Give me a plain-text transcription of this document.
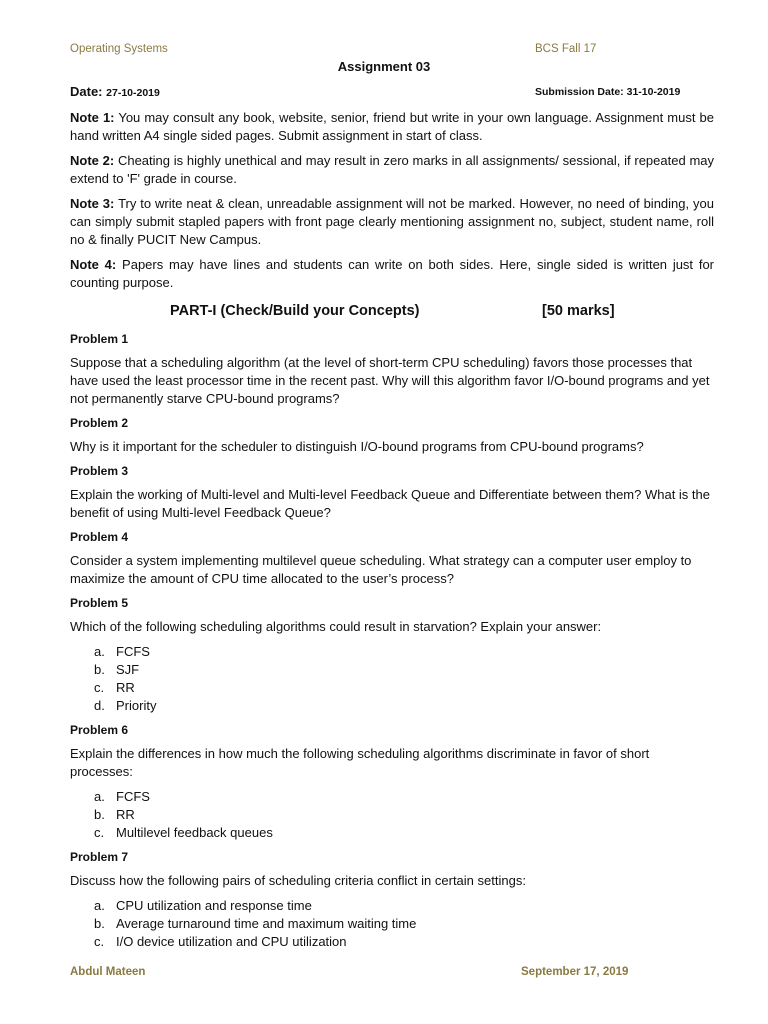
Operating Systems	BCS Fall 17
Assignment 03
Date: 27-10-2019	Submission Date: 31-10-2019

Note 1: You may consult any book, website, senior, friend but write in your own language. Assignment must be hand written A4 single sided pages. Submit assignment in start of class.

Note 2: Cheating is highly unethical and may result in zero marks in all assignments/ sessional, if repeated may extend to 'F' grade in course.

Note 3: Try to write neat & clean, unreadable assignment will not be marked. However, no need of binding, you can simply submit stapled papers with front page clearly mentioning assignment no, subject, student name, roll no & finally PUCIT New Campus.

Note 4: Papers may have lines and students can write on both sides. Here, single sided is written just for counting purpose.

PART-I (Check/Build your Concepts)	[50 marks]
Problem 1

Suppose that a scheduling algorithm (at the level of short-term CPU scheduling) favors those processes that have used the least processor time in the recent past. Why will this algorithm favor I/O-bound programs and yet not permanently starve CPU-bound programs?

Problem 2

Why is it important for the scheduler to distinguish I/O-bound programs from CPU-bound programs?

Problem 3

Explain the working of Multi-level and Multi-level Feedback Queue and Differentiate between them? What is the benefit of using Multi-level Feedback Queue?

Problem 4

Consider a system implementing multilevel queue scheduling. What strategy can a computer user employ to maximize the amount of CPU time allocated to the user’s process?

Problem 5

Which of the following scheduling algorithms could result in starvation? Explain your answer:

a. FCFS
b. SJF
c. RR
d. Priority
Problem 6

Explain the differences in how much the following scheduling algorithms discriminate in favor of short processes:

a. FCFS
b. RR
c. Multilevel feedback queues
Problem 7

Discuss how the following pairs of scheduling criteria conflict in certain settings:

a. CPU utilization and response time
b. Average turnaround time and maximum waiting time
c. I/O device utilization and CPU utilization
Abdul Mateen	September 17, 2019
